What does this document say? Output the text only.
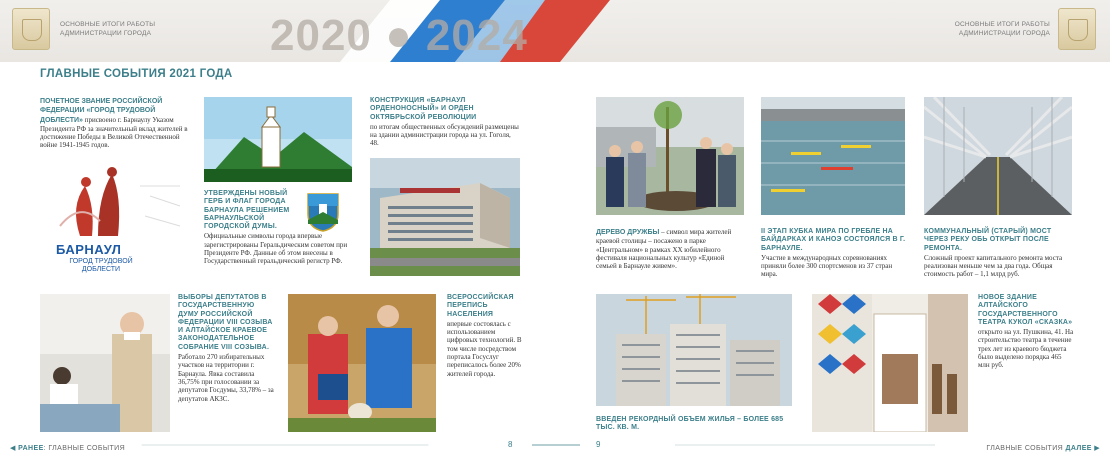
ОСНОВНЫЕ ИТОГИ РАБОТЫ АДМИНИСТРАЦИИ ГОРОДА	2020 ● 2024	ОСНОВНЫЕ ИТОГИ РАБОТЫ АДМИНИСТРАЦИИ ГОРОДА
ГЛАВНЫЕ СОБЫТИЯ 2021 ГОДА
ПОЧЕТНОЕ ЗВАНИЕ РОССИЙСКОЙ ФЕДЕРАЦИИ «ГОРОД ТРУДОВОЙ ДОБЛЕСТИ» присвоено г. Барнаулу Указом Президента РФ за значительный вклад жителей в достижение Победы в Великой Отечественной войне 1941-1945 годов.
БАРНАУЛ
ГОРОД ТРУДОВОЙ ДОБЛЕСТИ
УТВЕРЖДЕНЫ НОВЫЙ ГЕРБ И ФЛАГ ГОРОДА БАРНАУЛА РЕШЕНИЕМ БАРНАУЛЬСКОЙ ГОРОДСКОЙ ДУМЫ.
Официальные символы города впервые зарегистрированы Геральдическим советом при Президенте РФ. Данные об этом внесены в Государственный геральдический регистр РФ.
КОНСТРУКЦИЯ «БАРНАУЛ ОРДЕНОНОСНЫЙ» И ОРДЕН ОКТЯБРЬСКОЙ РЕВОЛЮЦИИ
по итогам общественных обсуждений размещены на здании администрации города на ул. Гоголя, 48.
ВЫБОРЫ ДЕПУТАТОВ В ГОСУДАРСТВЕННУЮ ДУМУ РОССИЙСКОЙ ФЕДЕРАЦИИ VIII СОЗЫВА И АЛТАЙСКОЕ КРАЕВОЕ ЗАКОНОДАТЕЛЬНОЕ СОБРАНИЕ VIII СОЗЫВА.
Работало 270 избирательных участков на территории г. Барнаула. Явка составила 36,75% при голосовании за депутатов Госдумы, 33,78% – за депутатов АКЗС.
ВСЕРОССИЙСКАЯ ПЕРЕПИСЬ НАСЕЛЕНИЯ
впервые состоялась с использованием цифровых технологий. В том числе посредством портала Госуслуг переписалось более 20% жителей города.
ДЕРЕВО ДРУЖБЫ – символ мира жителей краевой столицы – посажено в парке «Центральном» в рамках XX юбилейного фестиваля национальных культур «Единой семьей в Барнауле живем».
II ЭТАП КУБКА МИРА ПО ГРЕБЛЕ НА БАЙДАРКАХ И КАНОЭ СОСТОЯЛСЯ В Г. БАРНАУЛЕ.
Участие в международных соревнованиях приняли более 300 спортсменов из 37 стран мира.
КОММУНАЛЬНЫЙ (СТАРЫЙ) МОСТ ЧЕРЕЗ РЕКУ ОБЬ ОТКРЫТ ПОСЛЕ РЕМОНТА.
Сложный проект капитального ремонта моста реализован меньше чем за два года. Общая стоимость работ – 1,1 млрд руб.
ВВЕДЕН РЕКОРДНЫЙ ОБЪЕМ ЖИЛЬЯ – БОЛЕЕ 685 ТЫС. КВ. М.
НОВОЕ ЗДАНИЕ АЛТАЙСКОГО ГОСУДАРСТВЕННОГО ТЕАТРА КУКОЛ «СКАЗКА»
открыто на ул. Пушкина, 41. На строительство театра в течение трех лет из краевого бюджета было выделено порядка 465 млн руб.
◀ РАНЕЕ: ГЛАВНЫЕ СОБЫТИЯ	8	9	ГЛАВНЫЕ СОБЫТИЯ ДАЛЕЕ ▶
